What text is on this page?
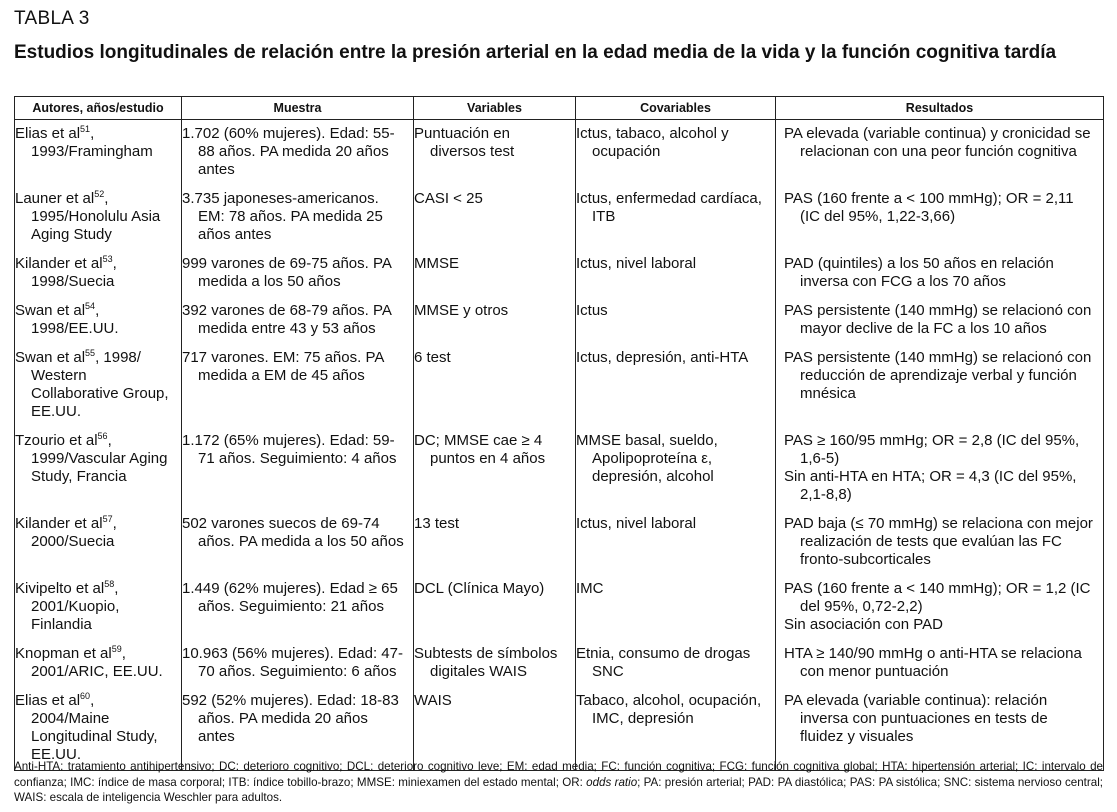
TABLA 3
Estudios longitudinales de relación entre la presión arterial en la edad media de la vida y la función cognitiva tardía
Autores, años/estudio	Muestra	Variables	Covariables	Resultados
Elias et $al^{51}$, 1993/Framingham	1.702 (60% mujeres). Edad: 55-88 años. PA medida 20 años antes	Puntuación en diversos test	Ictus, tabaco, alcohol y ocupación	PA elevada (variable continua) y cronicidad se relacionan con una peor función cognitiva

Launer et $al^{52}$, 1995/Honolulu Asia Aging Study	3.735 japoneses-americanos. EM: 78 años. PA medida 25 años antes	CASI < 25	Ictus, enfermedad cardíaca, ITB	PAS (160 frente a < 100 mmHg); OR = 2,11 (IC del 95%, 1,22-3,66)

Kilander et $al^{53}$, 1998/Suecia	999 varones de 69-75 años. PA medida a los 50 años	MMSE	Ictus, nivel laboral	PAD (quintiles) a los 50 años en relación inversa con FCG a los 70 años

Swan et $al^{54}$, 1998/EE.UU.	392 varones de 68-79 años. PA medida entre 43 y 53 años	MMSE y otros	Ictus	PAS persistente (140 mmHg) se relacionó con mayor declive de la FC a los 10 años

Swan et $al^{55}$, 1998/ Western Collaborative Group, EE.UU.	717 varones. EM: 75 años. PA medida a EM de 45 años	6 test	Ictus, depresión, anti-HTA	PAS persistente (140 mmHg) se relacionó con reducción de aprendizaje verbal y función mnésica

Tzourio et $al^{56}$, 1999/Vascular Aging Study, Francia	1.172 (65% mujeres). Edad: 59-71 años. Seguimiento: 4 años	DC; MMSE cae ≥ 4 puntos en 4 años	MMSE basal, sueldo, Apolipoproteína ε, depresión, alcohol	PAS ≥ 160/95 mmHg; OR = 2,8 (IC del 95%, 1,6-5)
Sin anti-HTA en HTA; OR = 4,3 (IC del 95%, 2,1-8,8)

Kilander et $al^{57}$, 2000/Suecia	502 varones suecos de 69-74 años. PA medida a los 50 años	13 test	Ictus, nivel laboral	PAD baja (≤ 70 mmHg) se relaciona con mejor realización de tests que evalúan las FC fronto-subcorticales

Kivipelto et $al^{58}$, 2001/Kuopio, Finlandia	1.449 (62% mujeres). Edad ≥ 65 años. Seguimiento: 21 años	DCL (Clínica Mayo)	IMC	PAS (160 frente a < 140 mmHg); OR = 1,2 (IC del 95%, 0,72-2,2)
Sin asociación con PAD

Knopman et $al^{59}$, 2001/ARIC, EE.UU.	10.963 (56% mujeres). Edad: 47-70 años. Seguimiento: 6 años	Subtests de símbolos digitales WAIS	Etnia, consumo de drogas SNC	HTA ≥ 140/90 mmHg o anti-HTA se relaciona con menor puntuación

Elias et $al^{60}$, 2004/Maine Longitudinal Study, EE.UU.	592 (52% mujeres). Edad: 18-83 años. PA medida 20 años antes	WAIS	Tabaco, alcohol, ocupación, IMC, depresión	PA elevada (variable continua): relación inversa con puntuaciones en tests de fluidez y visuales
Anti-HTA: tratamiento antihipertensivo; DC: deterioro cognitivo; DCL: deterioro cognitivo leve; EM: edad media; FC: función cognitiva; FCG: función cognitiva global; HTA: hipertensión arterial; IC: intervalo de confianza; IMC: índice de masa corporal; ITB: índice tobillo-brazo; MMSE: miniexamen del estado mental; OR: odds ratio; PA: presión arterial; PAD: PA diastólica; PAS: PA sistólica; SNC: sistema nervioso central; WAIS: escala de inteligencia Weschler para adultos.
